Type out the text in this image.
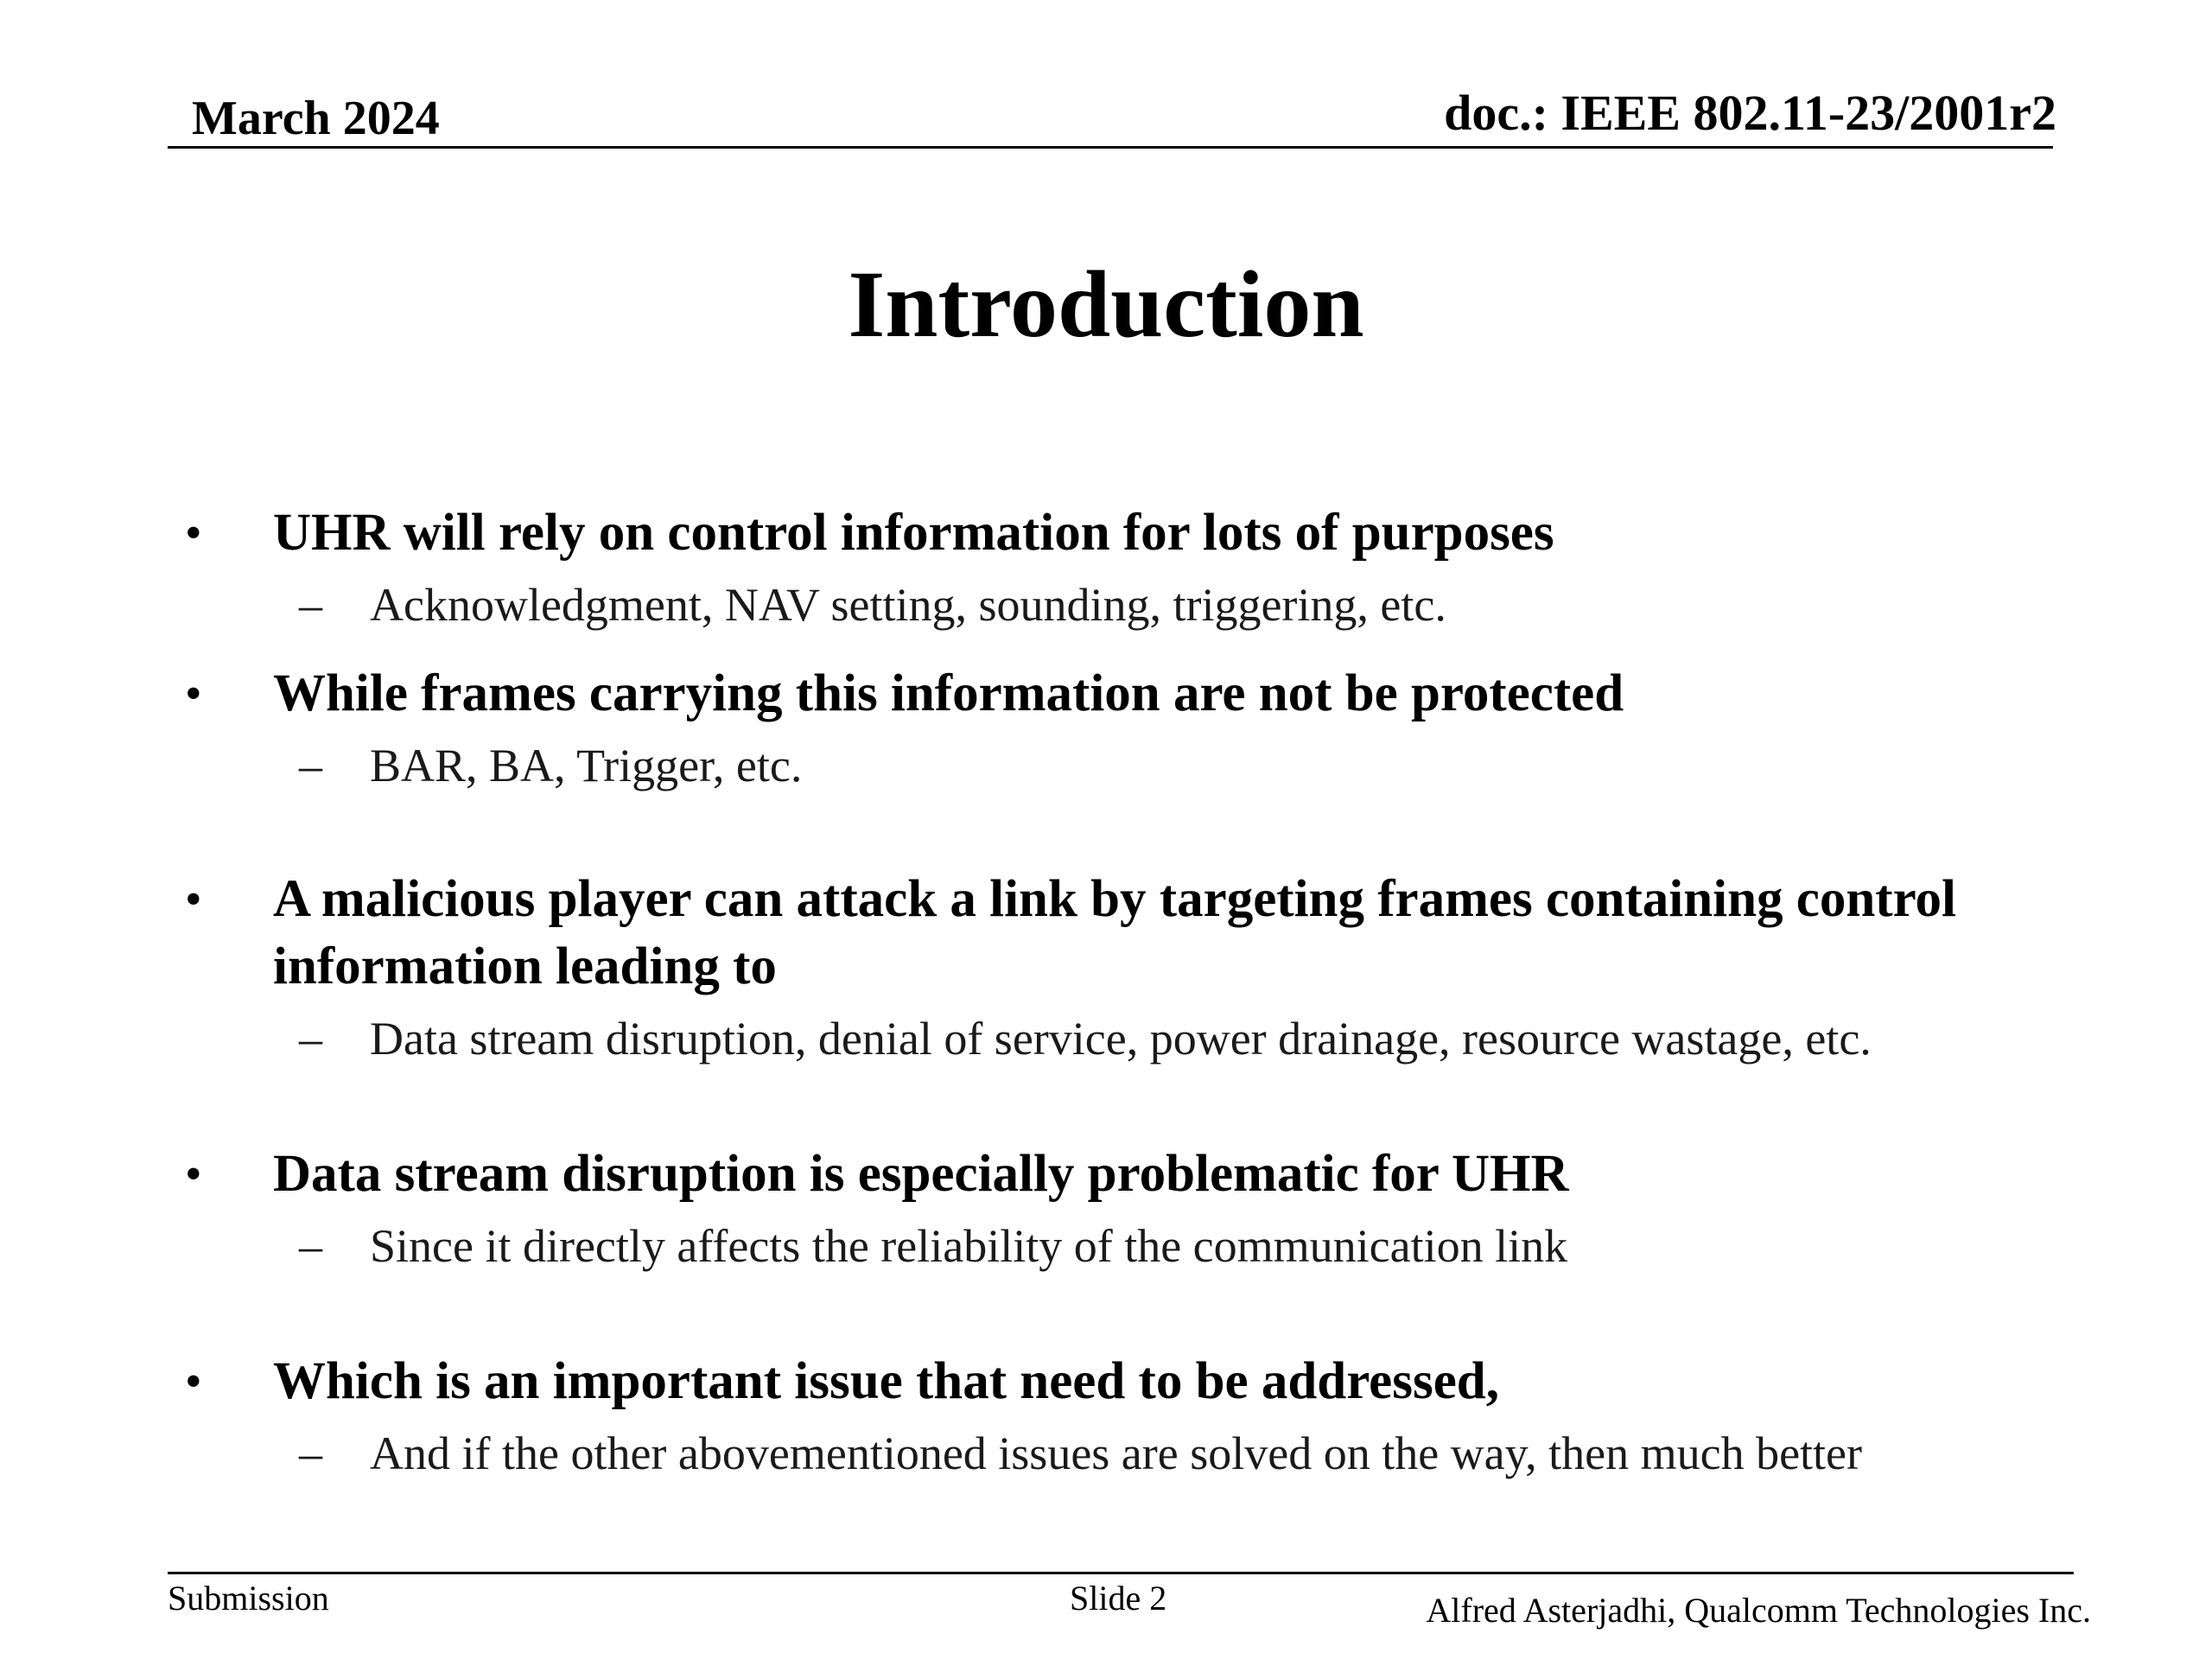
March 2024	doc.: IEEE 802.11-23/2001r2
Introduction
• UHR will rely on control information for lots of purposes
– Acknowledgment, NAV setting, sounding, triggering, etc.
• While frames carrying this information are not be protected
– BAR, BA, Trigger, etc.
• A malicious player can attack a link by targeting frames containing control information leading to
– Data stream disruption, denial of service, power drainage, resource wastage, etc.
• Data stream disruption is especially problematic for UHR
– Since it directly affects the reliability of the communication link
• Which is an important issue that need to be addressed,
– And if the other abovementioned issues are solved on the way, then much better
Submission	Slide 2	Alfred Asterjadhi, Qualcomm Technologies Inc.
